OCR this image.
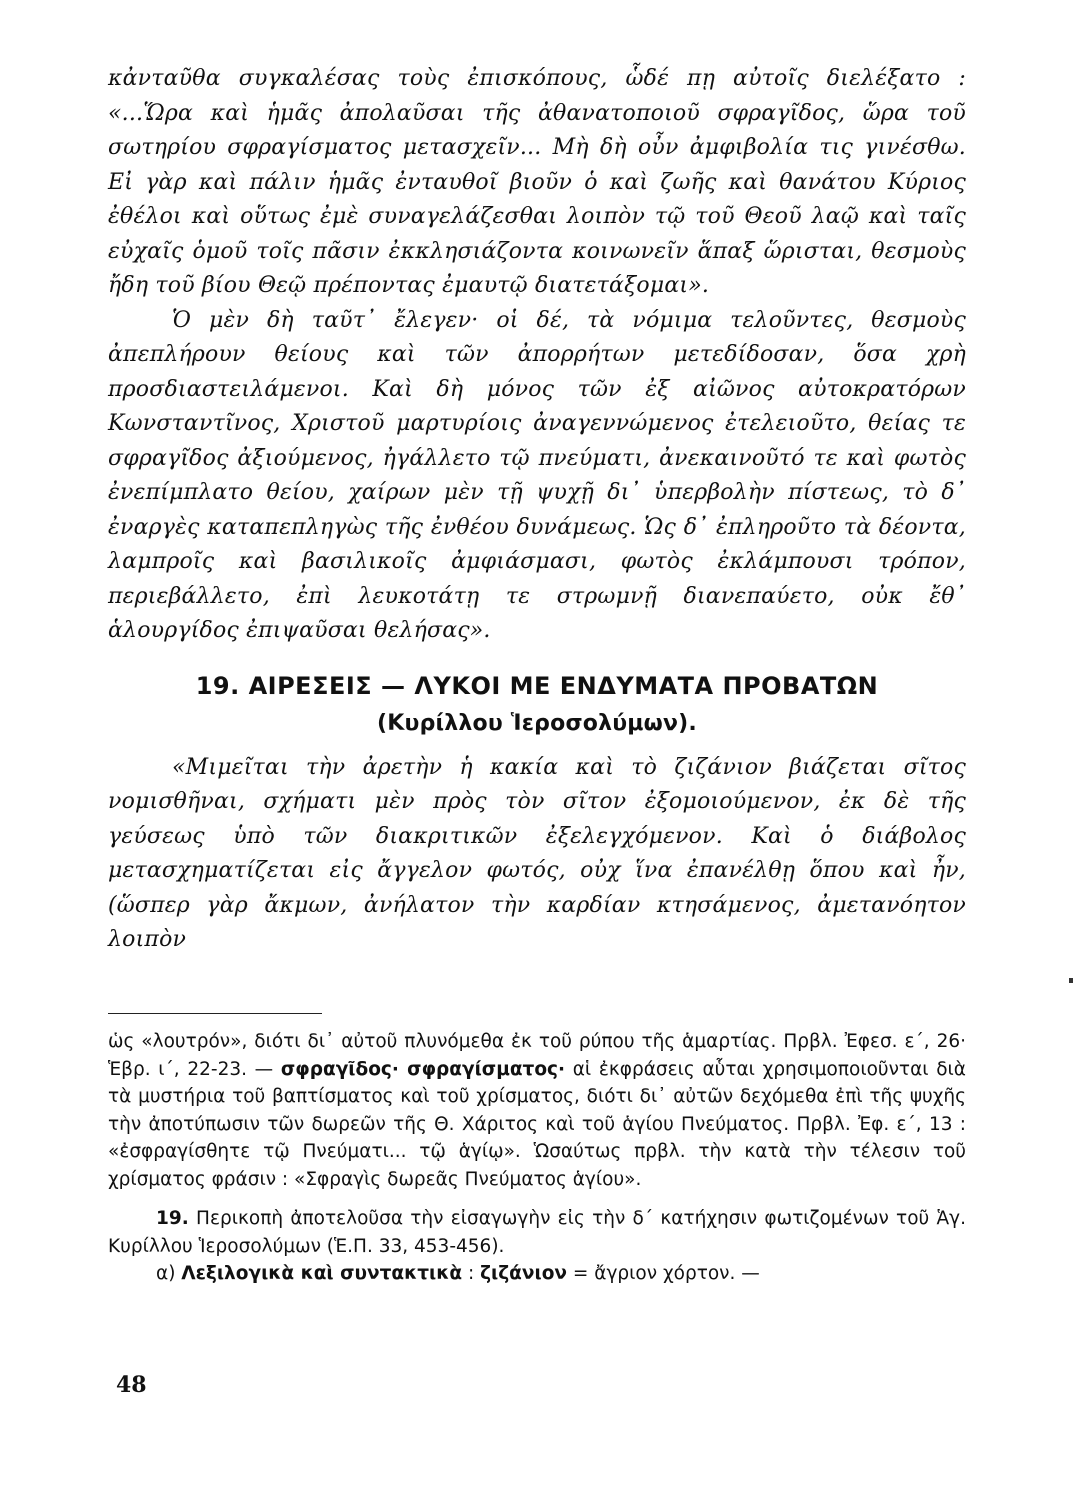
κἀνταῦθα συγκαλέσας τοὺς ἐπισκόπους, ὧδέ πῃ αὐτοῖς διελέξατο : «...Ὥρα καὶ ἡμᾶς ἀπολαῦσαι τῆς ἀθανατοποιοῦ σφραγῖδος, ὥρα τοῦ σωτηρίου σφραγίσματος μετασχεῖν... Μὴ δὴ οὖν ἀμφιβολία τις γινέσθω. Εἰ γὰρ καὶ πάλιν ἡμᾶς ἐνταυθοῖ βιοῦν ὁ καὶ ζωῆς καὶ θανάτου Κύριος ἐθέλοι καὶ οὕτως ἐμὲ συναγελάζεσθαι λοιπὸν τῷ τοῦ Θεοῦ λαῷ καὶ ταῖς εὐχαῖς ὁμοῦ τοῖς πᾶσιν ἐκκλησιάζοντα κοινωνεῖν ἅπαξ ὥρισται, θεσμοὺς ἤδη τοῦ βίου Θεῷ πρέποντας ἐμαυτῷ διατετάξομαι».

Ὁ μὲν δὴ ταῦτ᾽ ἔλεγεν· οἱ δέ, τὰ νόμιμα τελοῦντες, θεσμοὺς ἀπεπλήρουν θείους καὶ τῶν ἀπορρήτων μετεδίδοσαν, ὅσα χρὴ προσδιαστειλάμενοι. Καὶ δὴ μόνος τῶν ἐξ αἰῶνος αὐτοκρατόρων Κωνσταντῖνος, Χριστοῦ μαρτυρίοις ἀναγεννώμενος ἐτελειοῦτο, θείας τε σφραγῖδος ἀξιούμενος, ἠγάλλετο τῷ πνεύματι, ἀνεκαινοῦτό τε καὶ φωτὸς ἐνεπίμπλατο θείου, χαίρων μὲν τῇ ψυχῇ δι᾽ ὑπερβολὴν πίστεως, τὸ δ᾽ ἐναργὲς καταπεπληγὼς τῆς ἐνθέου δυνάμεως. Ὡς δ᾽ ἐπληροῦτο τὰ δέοντα, λαμπροῖς καὶ βασιλικοῖς ἀμφιάσμασι, φωτὸς ἐκλάμπουσι τρόπον, περιεβάλλετο, ἐπὶ λευκοτάτῃ τε στρωμνῇ διανεπαύετο, οὐκ ἔθ᾽ ἁλουργίδος ἐπιψαῦσαι θελήσας».

19. ΑΙΡΕΣΕΙΣ — ΛΥΚΟΙ ΜΕ ΕΝΔΥΜΑΤΑ ΠΡΟΒΑΤΩΝ
(Κυρίλλου Ἱεροσολύμων).

«Μιμεῖται τὴν ἀρετὴν ἡ κακία καὶ τὸ ζιζάνιον βιάζεται σῖτος νομισθῆναι, σχήματι μὲν πρὸς τὸν σῖτον ἐξομοιούμενον, ἐκ δὲ τῆς γεύσεως ὑπὸ τῶν διακριτικῶν ἐξελεγχόμενον. Καὶ ὁ διάβολος μετασχηματίζεται εἰς ἄγγελον φωτός, οὐχ ἵνα ἐπανέλθῃ ὅπου καὶ ἦν, (ὥσπερ γὰρ ἄκμων, ἀνήλατον τὴν καρδίαν κτησάμενος, ἀμετανόητον λοιπὸν

ὡς «λουτρόν», διότι δι᾽ αὐτοῦ πλυνόμεθα ἐκ τοῦ ρύπου τῆς ἁμαρτίας. Πρβλ. Ἐφεσ. ε´, 26· Ἑβρ. ι´, 22-23. — σφραγῖδος· σφραγίσματος· αἱ ἐκφράσεις αὗται χρησιμοποιοῦνται διὰ τὰ μυστήρια τοῦ βαπτίσματος καὶ τοῦ χρίσματος, διότι δι᾽ αὐτῶν δεχόμεθα ἐπὶ τῆς ψυχῆς τὴν ἀποτύπωσιν τῶν δωρεῶν τῆς Θ. Χάριτος καὶ τοῦ ἁγίου Πνεύματος. Πρβλ. Ἐφ. ε´, 13 : «ἐσφραγίσθητε τῷ Πνεύματι... τῷ ἁγίῳ». Ὡσαύτως πρβλ. τὴν κατὰ τὴν τέλεσιν τοῦ χρίσματος φράσιν : «Σφραγὶς δωρεᾶς Πνεύματος ἁγίου».

19. Περικοπὴ ἀποτελοῦσα τὴν εἰσαγωγὴν εἰς τὴν δ´ κατήχησιν φωτιζομένων τοῦ Ἁγ. Κυρίλλου Ἱεροσολύμων (Ἑ.Π. 33, 453-456).

α) Λεξιλογικὰ καὶ συντακτικὰ : ζιζάνιον = ἄγριον χόρτον. —

48
